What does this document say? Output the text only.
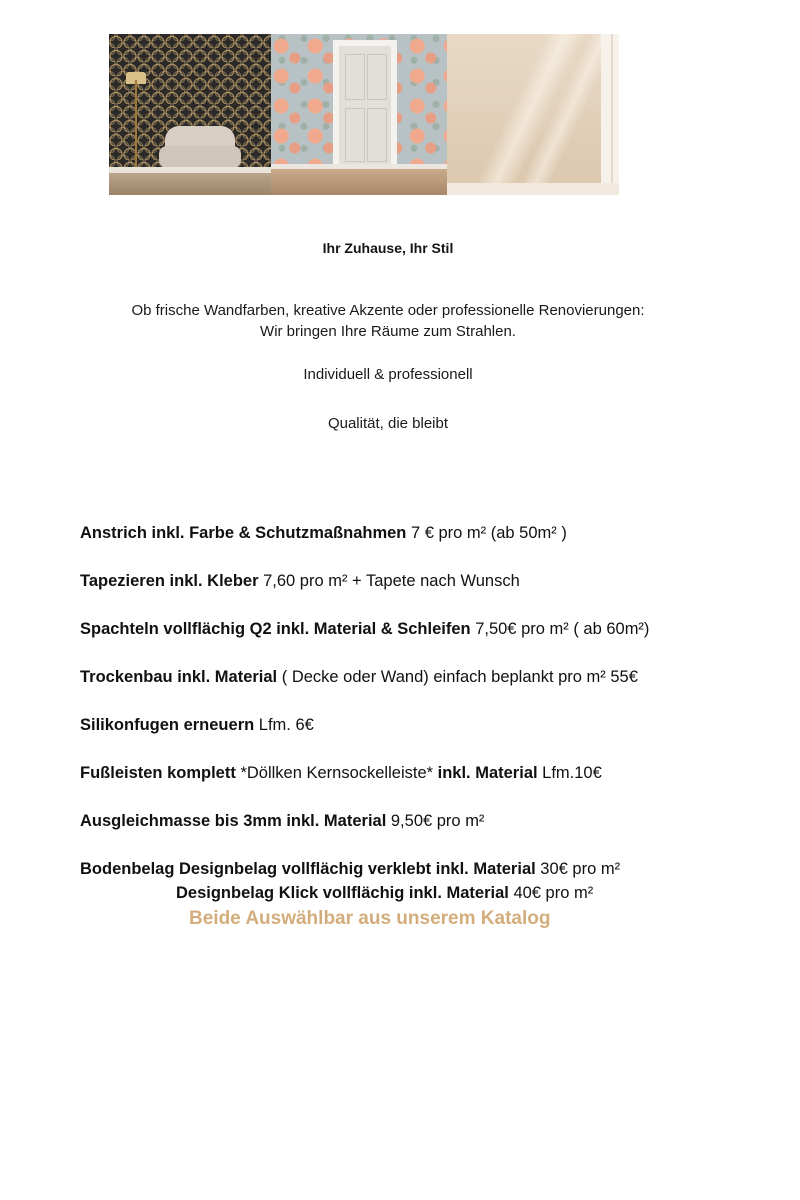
Ihr Zuhause, Ihr Stil
Ob frische Wandfarben, kreative Akzente oder professionelle Renovierungen:
Wir bringen Ihre Räume zum Strahlen.
Individuell & professionell
Qualität, die bleibt
Anstrich inkl. Farbe & Schutzmaßnahmen 7 € pro m² (ab 50m² )
Tapezieren inkl. Kleber 7,60 pro m² + Tapete nach Wunsch
Spachteln vollflächig Q2 inkl. Material & Schleifen 7,50€ pro m² ( ab 60m²)
Trockenbau inkl. Material ( Decke oder Wand) einfach beplankt pro m² 55€
Silikonfugen erneuern Lfm. 6€
Fußleisten komplett *Döllken Kernsockelleiste* inkl. Material Lfm.10€
Ausgleichmasse bis 3mm inkl. Material 9,50€ pro m²
Bodenbelag Designbelag vollflächig verklebt inkl. Material 30€ pro m²
Designbelag Klick vollflächig inkl. Material 40€ pro m²
Beide Auswählbar aus unserem Katalog
